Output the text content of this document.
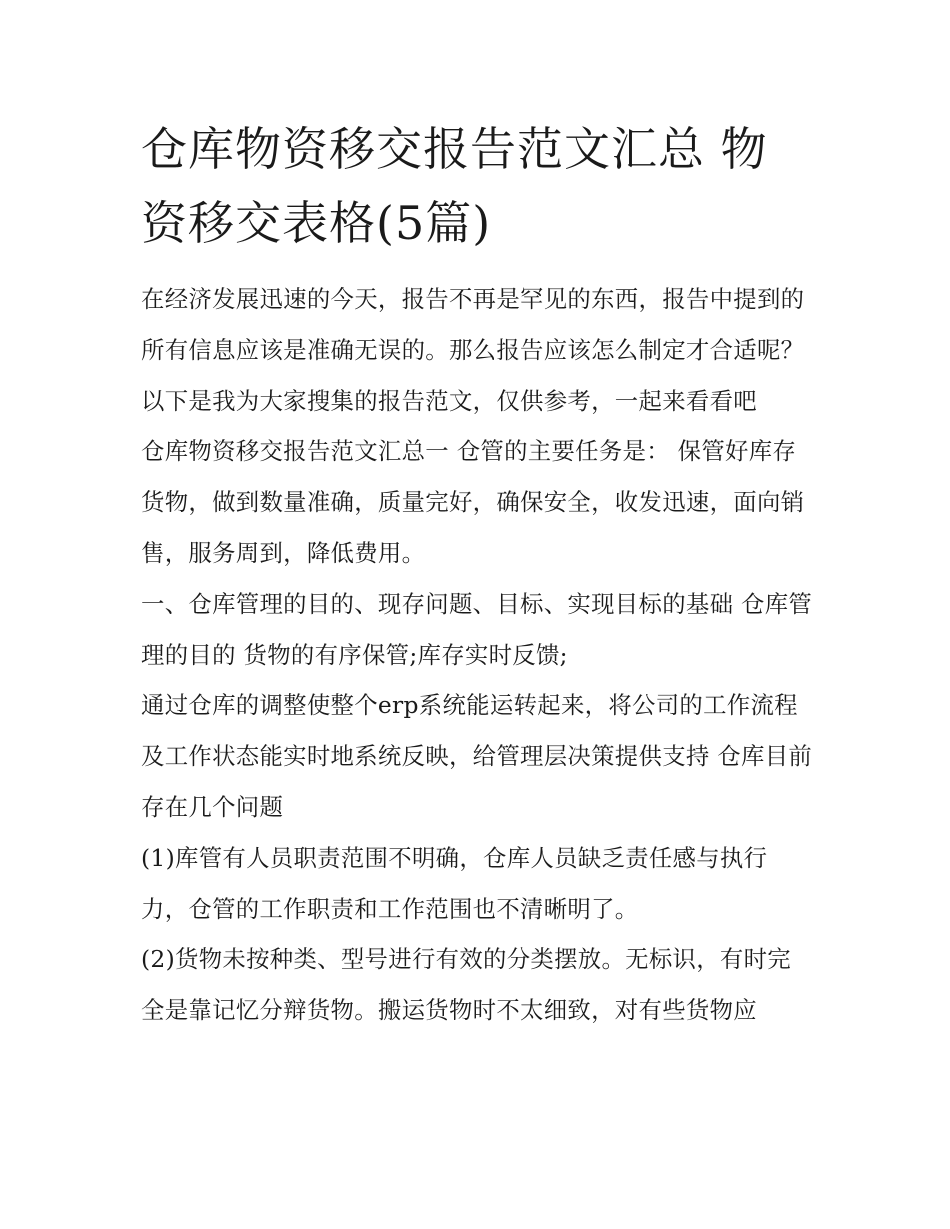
仓库物资移交报告范文汇总 物资移交表格(5篇)

在经济发展迅速的今天，报告不再是罕见的东西，报告中提到的所有信息应该是准确无误的。那么报告应该怎么制定才合适呢？以下是我为大家搜集的报告范文，仅供参考，一起来看看吧

仓库物资移交报告范文汇总一 仓管的主要任务是： 保管好库存货物，做到数量准确，质量完好，确保安全，收发迅速，面向销售，服务周到，降低费用。

一、仓库管理的目的、现存问题、目标、实现目标的基础 仓库管理的目的 货物的有序保管;库存实时反馈;

通过仓库的调整使整个erp系统能运转起来，将公司的工作流程及工作状态能实时地系统反映，给管理层决策提供支持 仓库目前存在几个问题

(1)库管有人员职责范围不明确，仓库人员缺乏责任感与执行力，仓管的工作职责和工作范围也不清晰明了。

(2)货物未按种类、型号进行有效的分类摆放。无标识，有时完全是靠记忆分辩货物。搬运货物时不太细致，对有些货物应
